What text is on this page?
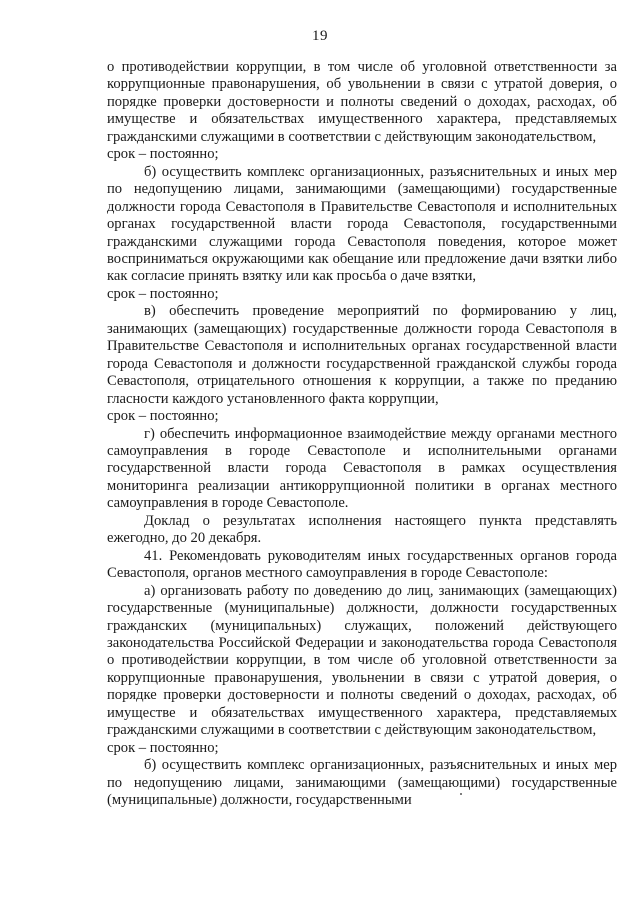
19

о противодействии коррупции, в том числе об уголовной ответственности за коррупционные правонарушения, об увольнении в связи с утратой доверия, о порядке проверки достоверности и полноты сведений о доходах, расходах, об имуществе и обязательствах имущественного характера, представляемых гражданскими служащими в соответствии с действующим законодательством,

срок – постоянно;

б) осуществить комплекс организационных, разъяснительных и иных мер по недопущению лицами, занимающими (замещающими) государственные должности города Севастополя в Правительстве Севастополя и исполнительных органах государственной власти города Севастополя, государственными гражданскими служащими города Севастополя поведения, которое может восприниматься окружающими как обещание или предложение дачи взятки либо как согласие принять взятку или как просьба о даче взятки,

срок – постоянно;

в) обеспечить проведение мероприятий по формированию у лиц, занимающих (замещающих) государственные должности города Севастополя в Правительстве Севастополя и исполнительных органах государственной власти города Севастополя и должности государственной гражданской службы города Севастополя, отрицательного отношения к коррупции, а также по преданию гласности каждого установленного факта коррупции,

срок – постоянно;

г) обеспечить информационное взаимодействие между органами местного самоуправления в городе Севастополе и исполнительными органами государственной власти города Севастополя в рамках осуществления мониторинга реализации антикоррупционной политики в органах местного самоуправления в городе Севастополе.

Доклад о результатах исполнения настоящего пункта представлять ежегодно, до 20 декабря.

41. Рекомендовать руководителям иных государственных органов города Севастополя, органов местного самоуправления в городе Севастополе:

а) организовать работу по доведению до лиц, занимающих (замещающих) государственные (муниципальные) должности, должности государственных гражданских (муниципальных) служащих, положений действующего законодательства Российской Федерации и законодательства города Севастополя о противодействии коррупции, в том числе об уголовной ответственности за коррупционные правонарушения, увольнении в связи с утратой доверия, о порядке проверки достоверности и полноты сведений о доходах, расходах, об имуществе и обязательствах имущественного характера, представляемых гражданскими служащими в соответствии с действующим законодательством,

срок – постоянно;

б) осуществить комплекс организационных, разъяснительных и иных мер по недопущению лицами, занимающими (замещающими) государственные (муниципальные) должности, государственными
